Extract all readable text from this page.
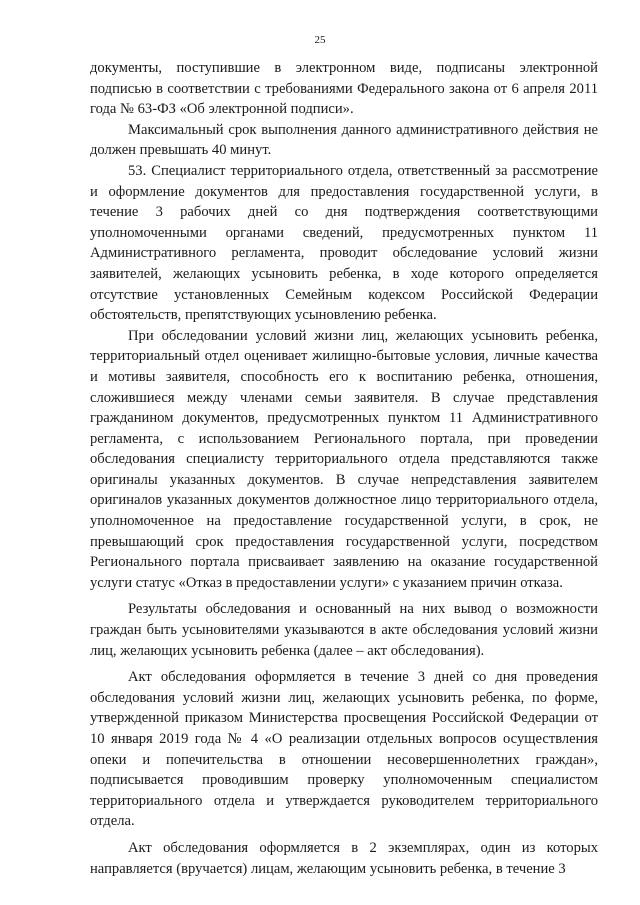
25

документы, поступившие в электронном виде, подписаны электронной подписью в соответствии с требованиями Федерального закона от 6 апреля 2011 года № 63-ФЗ «Об электронной подписи».

Максимальный срок выполнения данного административного действия не должен превышать 40 минут.

53. Специалист территориального отдела, ответственный за рассмотрение и оформление документов для предоставления государственной услуги, в течение 3 рабочих дней со дня подтверждения соответствующими уполномоченными органами сведений, предусмотренных пунктом 11 Административного регламента, проводит обследование условий жизни заявителей, желающих усыновить ребенка, в ходе которого определяется отсутствие установленных Семейным кодексом Российской Федерации обстоятельств, препятствующих усыновлению ребенка.

При обследовании условий жизни лиц, желающих усыновить ребенка, территориальный отдел оценивает жилищно-бытовые условия, личные качества и мотивы заявителя, способность его к воспитанию ребенка, отношения, сложившиеся между членами семьи заявителя. В случае представления гражданином документов, предусмотренных пунктом 11 Административного регламента, с использованием Регионального портала, при проведении обследования специалисту территориального отдела представляются также оригиналы указанных документов. В случае непредставления заявителем оригиналов указанных документов должностное лицо территориального отдела, уполномоченное на предоставление государственной услуги, в срок, не превышающий срок предоставления государственной услуги, посредством Регионального портала присваивает заявлению на оказание государственной услуги статус «Отказ в предоставлении услуги» с указанием причин отказа.

Результаты обследования и основанный на них вывод о возможности граждан быть усыновителями указываются в акте обследования условий жизни лиц, желающих усыновить ребенка (далее – акт обследования).

Акт обследования оформляется в течение 3 дней со дня проведения обследования условий жизни лиц, желающих усыновить ребенка, по форме, утвержденной приказом Министерства просвещения Российской Федерации от 10 января 2019 года № 4 «О реализации отдельных вопросов осуществления опеки и попечительства в отношении несовершеннолетних граждан», подписывается проводившим проверку уполномоченным специалистом территориального отдела и утверждается руководителем территориального отдела.

Акт обследования оформляется в 2 экземплярах, один из которых направляется (вручается) лицам, желающим усыновить ребенка, в течение 3
